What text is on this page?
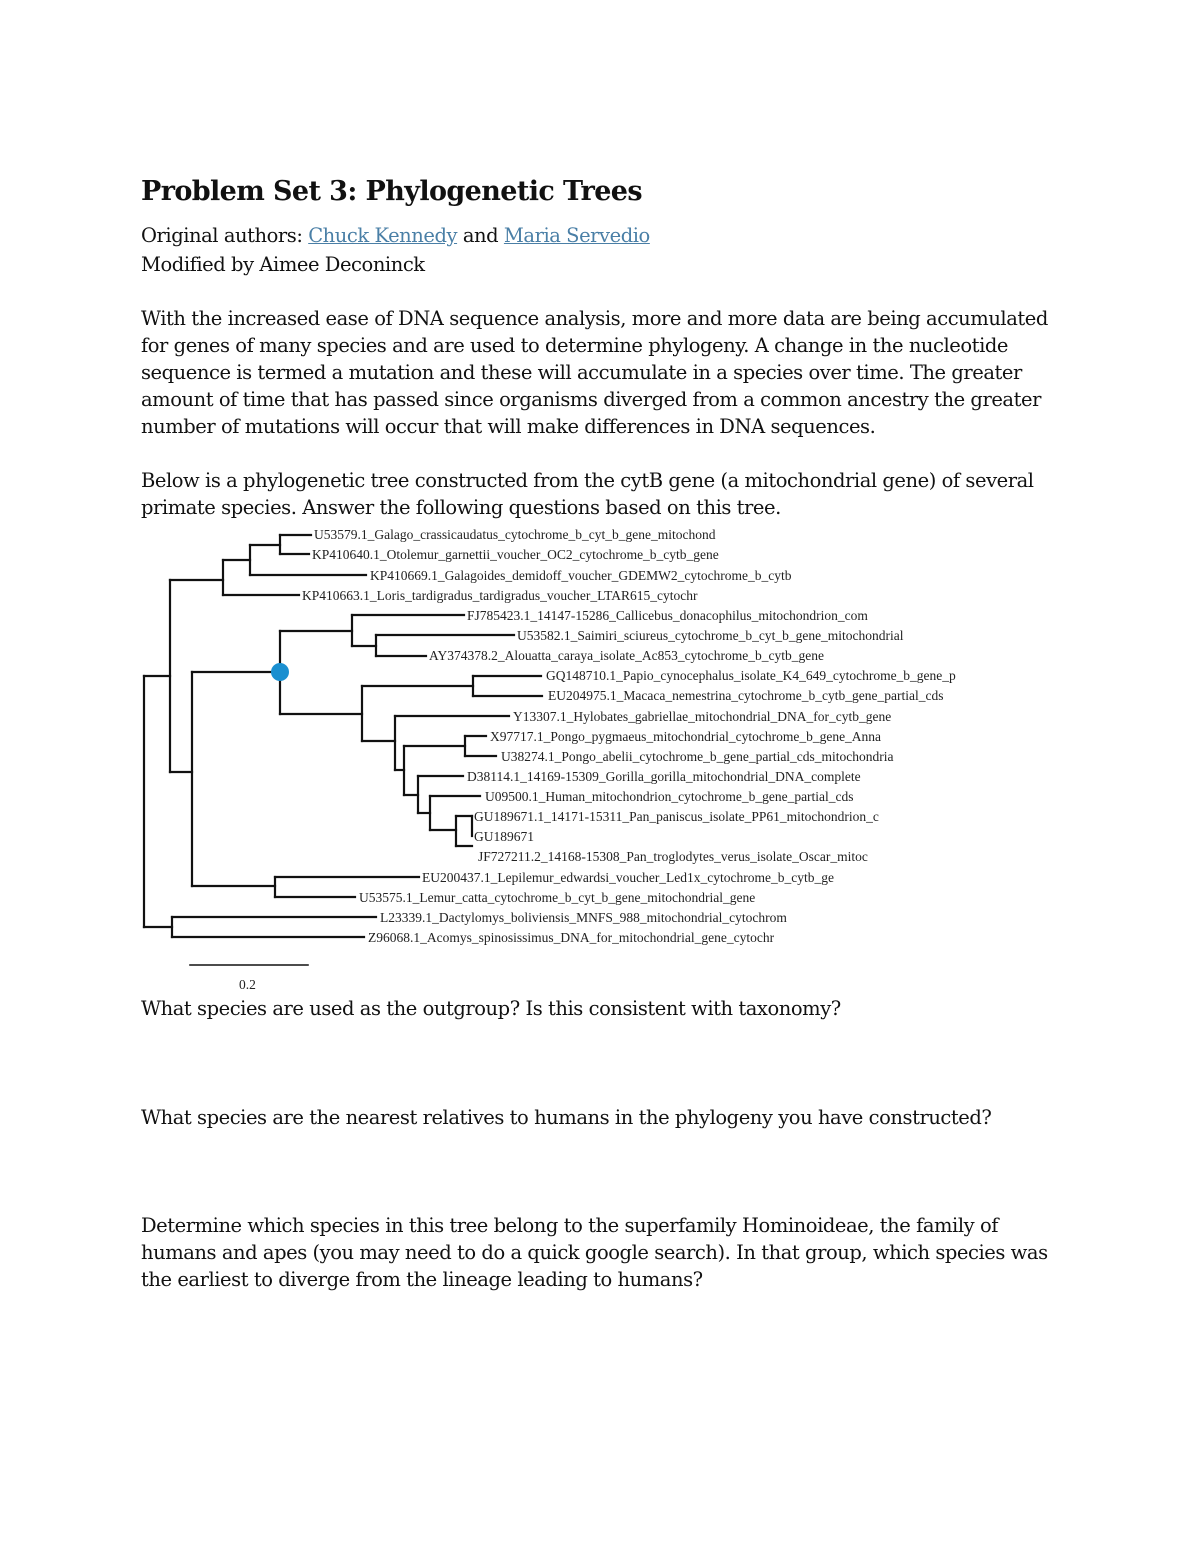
Problem Set 3: Phylogenetic Trees

Original authors: Chuck Kennedy and Maria Servedio

Modified by Aimee Deconinck

With the increased ease of DNA sequence analysis, more and more data are being accumulated for genes of many species and are used to determine phylogeny. A change in the nucleotide sequence is termed a mutation and these will accumulate in a species over time. The greater amount of time that has passed since organisms diverged from a common ancestry the greater number of mutations will occur that will make differences in DNA sequences.

Below is a phylogenetic tree constructed from the cytB gene (a mitochondrial gene) of several primate species. Answer the following questions based on this tree.

U53579.1_Galago_crassicaudatus_cytochrome_b_cyt_b_gene_mitochond
KP410640.1_Otolemur_garnettii_voucher_OC2_cytochrome_b_cytb_gene
KP410669.1_Galagoides_demidoff_voucher_GDEMW2_cytochrome_b_cytb
KP410663.1_Loris_tardigradus_tardigradus_voucher_LTAR615_cytochr
FJ785423.1_14147-15286_Callicebus_donacophilus_mitochondrion_com
U53582.1_Saimiri_sciureus_cytochrome_b_cyt_b_gene_mitochondrial
AY374378.2_Alouatta_caraya_isolate_Ac853_cytochrome_b_cytb_gene
GQ148710.1_Papio_cynocephalus_isolate_K4_649_cytochrome_b_gene_p
EU204975.1_Macaca_nemestrina_cytochrome_b_cytb_gene_partial_cds
Y13307.1_Hylobates_gabriellae_mitochondrial_DNA_for_cytb_gene
X97717.1_Pongo_pygmaeus_mitochondrial_cytochrome_b_gene_Anna
U38274.1_Pongo_abelii_cytochrome_b_gene_partial_cds_mitochondria
D38114.1_14169-15309_Gorilla_gorilla_mitochondrial_DNA_complete
U09500.1_Human_mitochondrion_cytochrome_b_gene_partial_cds
GU189671.1_14171-15311_Pan_paniscus_isolate_PP61_mitochondrion_c
GU189671
JF727211.2_14168-15308_Pan_troglodytes_verus_isolate_Oscar_mitoc
EU200437.1_Lepilemur_edwardsi_voucher_Led1x_cytochrome_b_cytb_ge
U53575.1_Lemur_catta_cytochrome_b_cyt_b_gene_mitochondrial_gene
L23339.1_Dactylomys_boliviensis_MNFS_988_mitochondrial_cytochrom
Z96068.1_Acomys_spinosissimus_DNA_for_mitochondrial_gene_cytochr
0.2

What species are used as the outgroup? Is this consistent with taxonomy?

What species are the nearest relatives to humans in the phylogeny you have constructed?

Determine which species in this tree belong to the superfamily Hominoideae, the family of humans and apes (you may need to do a quick google search). In that group, which species was the earliest to diverge from the lineage leading to humans?
